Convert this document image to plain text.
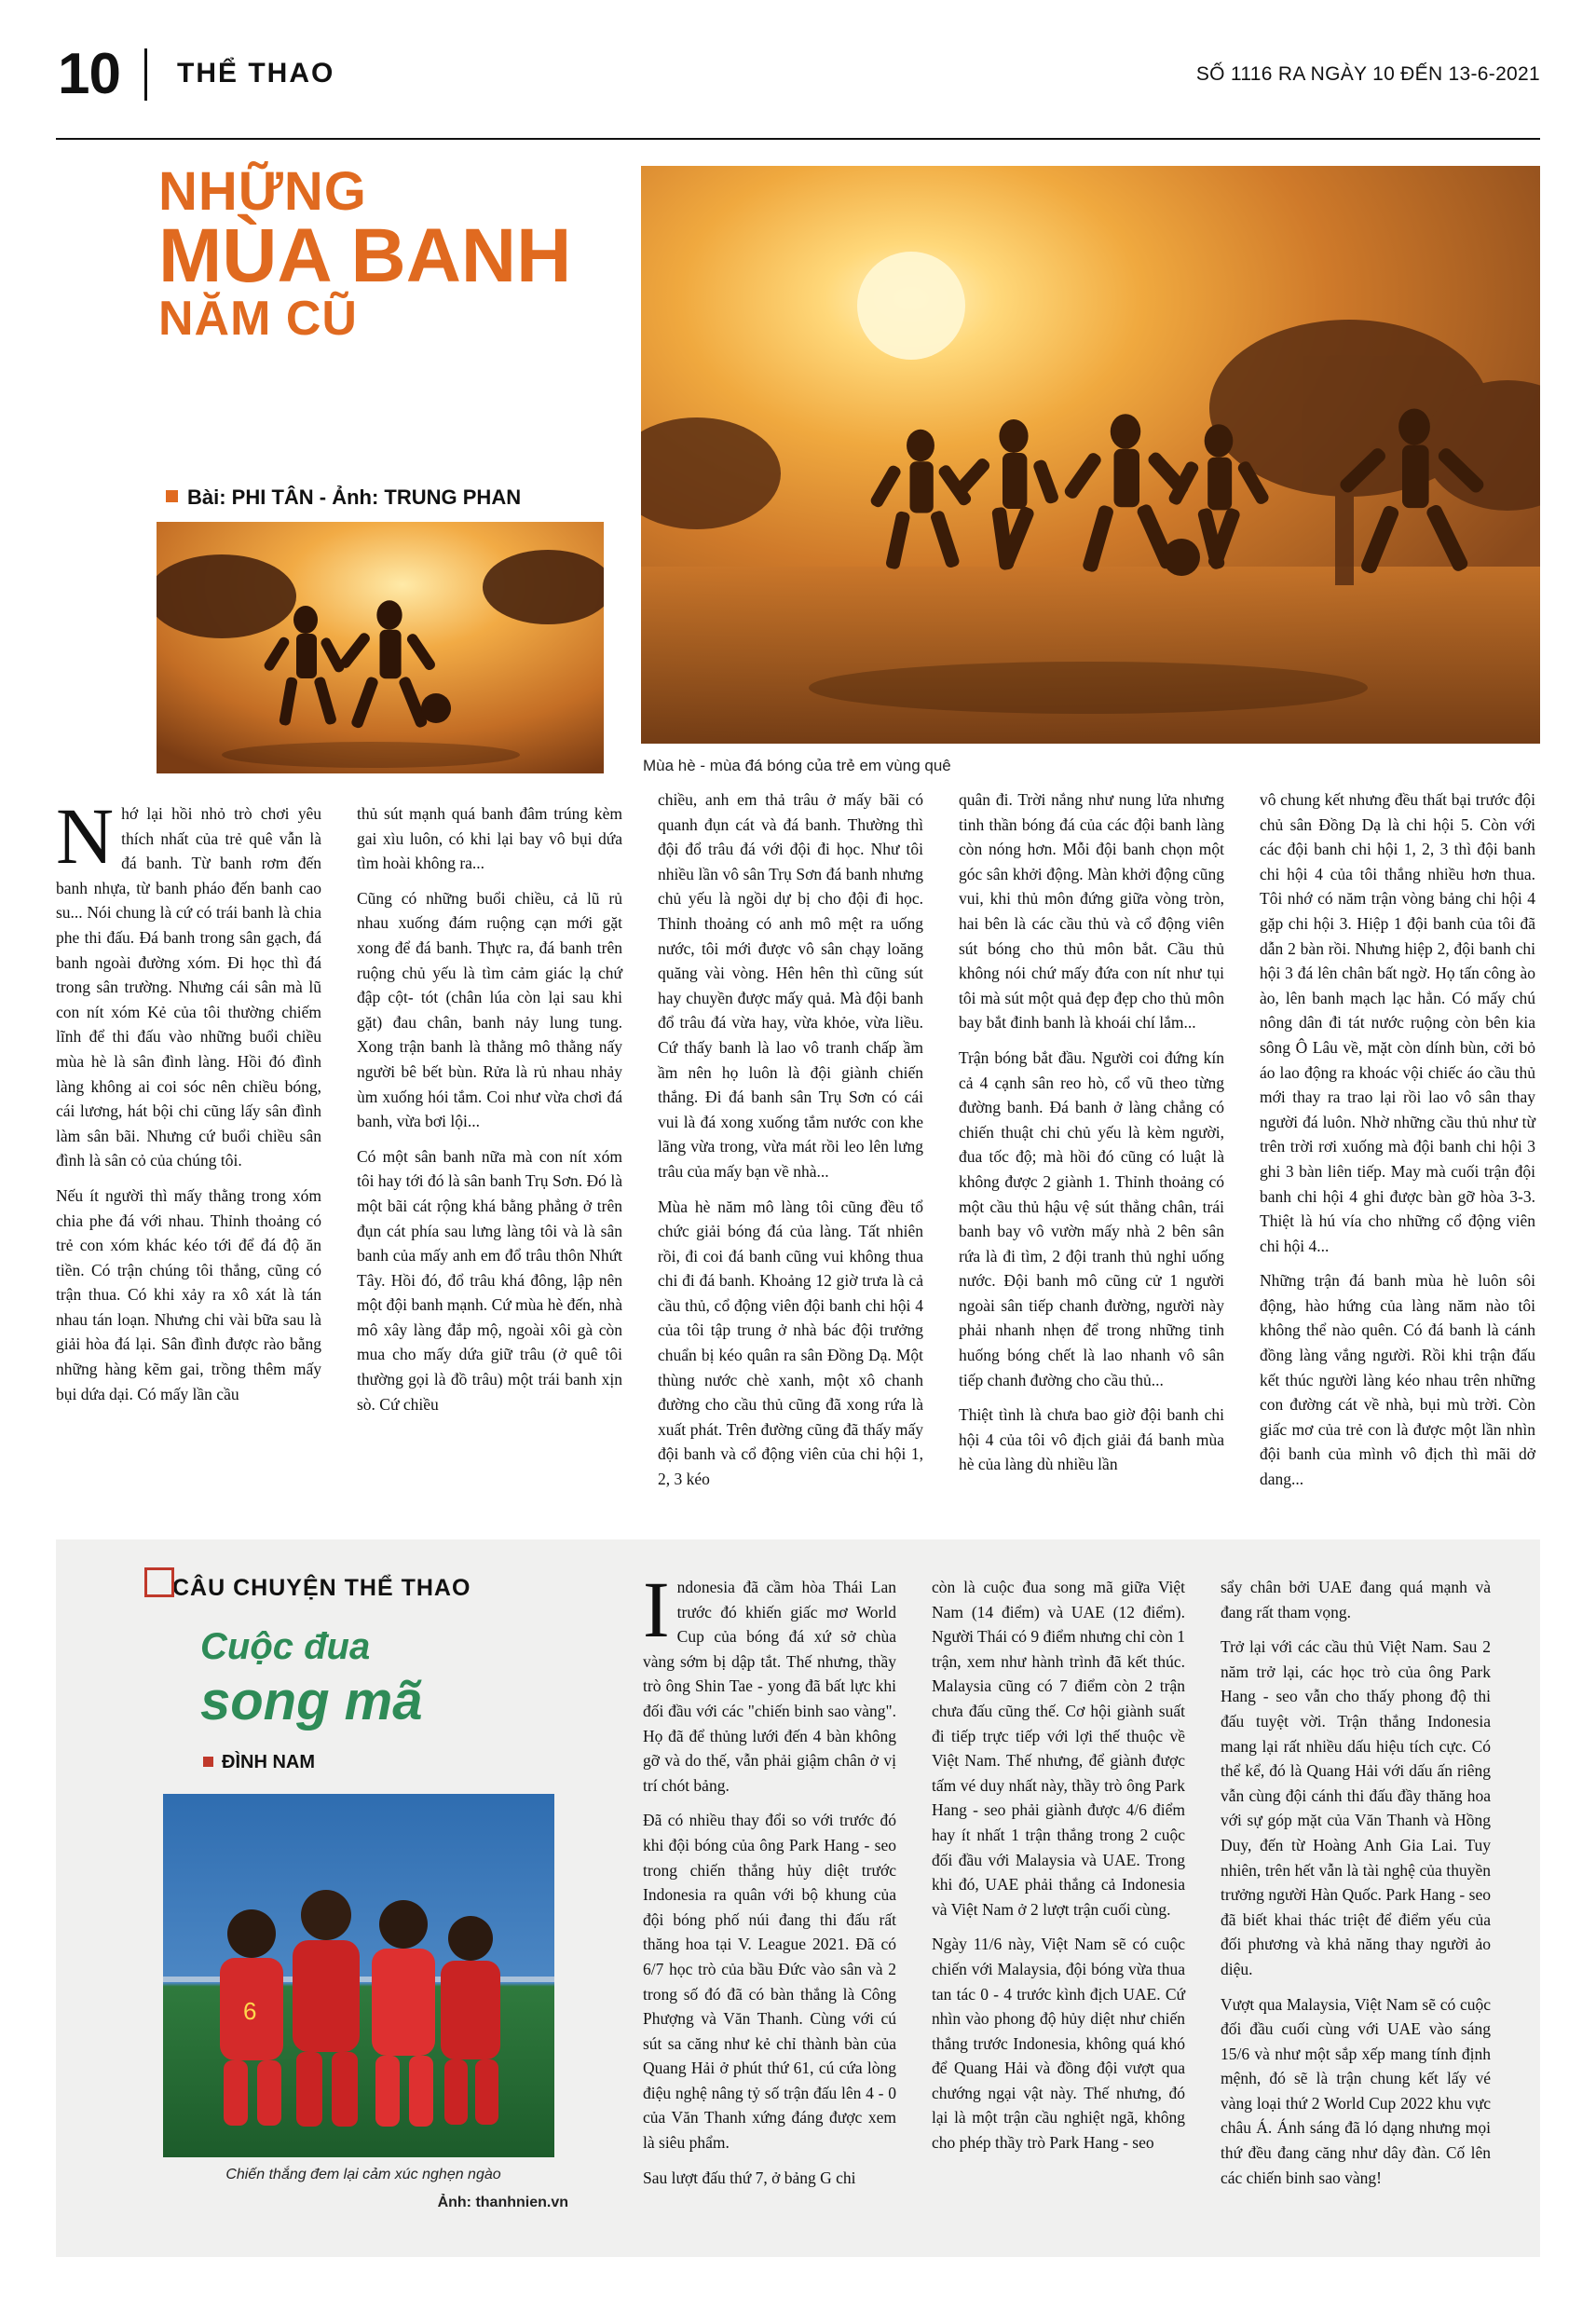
10 THỂ THAO	SỐ 1116 RA NGÀY 10 ĐẾN 13-6-2021
NHỮNG
MÙA BANH
NĂM CŨ
Bài: PHI TÂN - Ảnh: TRUNG PHAN
Mùa hè - mùa đá bóng của trẻ em vùng quê

Nhớ lại hồi nhỏ trò chơi yêu thích nhất của trẻ quê vẫn là đá banh. Từ banh rơm đến banh nhựa, từ banh pháo đến banh cao su... Nói chung là cứ có trái banh là chia phe thi đấu. Đá banh trong sân gạch, đá banh ngoài đường xóm. Đi học thì đá trong sân trường. Nhưng cái sân mà lũ con nít xóm Kẻ của tôi thường chiếm lĩnh để thi đấu vào những buổi chiều mùa hè là sân đình làng. Hồi đó đình làng không ai coi sóc nên chiều bóng, cái lương, hát bội chi cũng lấy sân đình làm sân bãi. Nhưng cứ buổi chiều sân đình là sân cỏ của chúng tôi.

Nếu ít người thì mấy thằng trong xóm chia phe đá với nhau. Thỉnh thoảng có trẻ con xóm khác kéo tới để đá độ ăn tiền. Có trận chúng tôi thắng, cũng có trận thua. Có khi xảy ra xô xát là tán nhau tán loạn. Nhưng chi vài bữa sau là giải hòa đá lại. Sân đình được rào bằng những hàng kẽm gai, trồng thêm mấy bụi dứa dại. Có mấy lần cầu

thủ sút mạnh quá banh đâm trúng kèm gai xìu luôn, có khi lại bay vô bụi dứa tìm hoài không ra...

Cũng có những buổi chiều, cả lũ rủ nhau xuống đám ruộng cạn mới gặt xong để đá banh. Thực ra, đá banh trên ruộng chủ yếu là tìm cảm giác lạ chứ đập cột- tót (chân lúa còn lại sau khi gặt) đau chân, banh nảy lung tung. Xong trận banh là thằng mô thằng nấy người bê bết bùn. Rửa là rủ nhau nhảy ùm xuống hói tắm. Coi như vừa chơi đá banh, vừa bơi lội...

Có một sân banh nữa mà con nít xóm tôi hay tới đó là sân banh Trụ Sơn. Đó là một bãi cát rộng khá bằng phẳng ở trên đụn cát phía sau lưng làng tôi và là sân banh của mấy anh em đổ trâu thôn Nhứt Tây. Hồi đó, đổ trâu khá đông, lập nên một đội banh mạnh. Cứ mùa hè đến, nhà mô xây làng đắp mộ, ngoài xôi gà còn mua cho mấy dứa giữ trâu (ở quê tôi thường gọi là đồ trâu) một trái banh xịn sò. Cứ chiều

chiều, anh em thả trâu ở mấy bãi có quanh đụn cát và đá banh. Thường thì đội đổ trâu đá với đội đi học. Như tôi nhiều lần vô sân Trụ Sơn đá banh nhưng chủ yếu là ngồi dự bị cho đội đi học. Thỉnh thoảng có anh mô mệt ra uống nước, tôi mới được vô sân chạy loăng quăng vài vòng. Hên hên thì cũng sút hay chuyền được mấy quả. Mà đội banh đổ trâu đá vừa hay, vừa khỏe, vừa liều. Cứ thấy banh là lao vô tranh chấp ầm ầm nên họ luôn là đội giành chiến thắng. Đi đá banh sân Trụ Sơn có cái vui là đá xong xuống tắm nước con khe lãng vừa trong, vừa mát rồi leo lên lưng trâu của mấy bạn về nhà...

Mùa hè năm mô làng tôi cũng đều tổ chức giải bóng đá của làng. Tất nhiên rồi, đi coi đá banh cũng vui không thua chi đi đá banh. Khoảng 12 giờ trưa là cả cầu thủ, cổ động viên đội banh chi hội 4 của tôi tập trung ở nhà bác đội trưởng chuẩn bị kéo quân ra sân Đồng Dạ. Một thùng nước chè xanh, một xô chanh đường cho cầu thủ cũng đã xong rứa là xuất phát. Trên đường cũng đã thấy mấy đội banh và cổ động viên của chi hội 1, 2, 3 kéo

quân đi. Trời nắng như nung lửa nhưng tinh thần bóng đá của các đội banh làng còn nóng hơn. Mỗi đội banh chọn một góc sân khởi động. Màn khởi động cũng vui, khi thủ môn đứng giữa vòng tròn, hai bên là các cầu thủ và cổ động viên sút bóng cho thủ môn bắt. Cầu thủ không nói chứ mấy đứa con nít như tụi tôi mà sút một quả đẹp đẹp cho thủ môn bay bắt đinh banh là khoái chí lắm...

Trận bóng bắt đầu. Người coi đứng kín cả 4 cạnh sân reo hò, cổ vũ theo từng đường banh. Đá banh ở làng chẳng có chiến thuật chi chủ yếu là kèm người, đua tốc độ; mà hồi đó cũng có luật là không được 2 giành 1. Thỉnh thoảng có một cầu thủ hậu vệ sút thẳng chân, trái banh bay vô vườn mấy nhà 2 bên sân rứa là đi tìm, 2 đội tranh thủ nghỉ uống nước. Đội banh mô cũng cử 1 người ngoài sân tiếp chanh đường, người này phải nhanh nhẹn để trong những tinh huống bóng chết là lao nhanh vô sân tiếp chanh đường cho cầu thủ...

Thiệt tình là chưa bao giờ đội banh chi hội 4 của tôi vô địch giải đá banh mùa hè của làng dù nhiều lần

vô chung kết nhưng đều thất bại trước đội chủ sân Đồng Dạ là chi hội 5. Còn với các đội banh chi hội 1, 2, 3 thì đội banh chi hội 4 của tôi thắng nhiều hơn thua. Tôi nhớ có năm trận vòng bảng chi hội 4 gặp chi hội 3. Hiệp 1 đội banh của tôi đã dẫn 2 bàn rồi. Nhưng hiệp 2, đội banh chi hội 3 đá lên chân bất ngờ. Họ tấn công ào ào, lên banh mạch lạc hẳn. Có mấy chú nông dân đi tát nước ruộng còn bên kia sông Ô Lâu về, mặt còn dính bùn, cởi bỏ áo lao động ra khoác vội chiếc áo cầu thủ mới thay ra trao lại rồi lao vô sân thay người đá luôn. Nhờ những cầu thủ như từ trên trời rơi xuống mà đội banh chi hội 3 ghi 3 bàn liên tiếp. May mà cuối trận đội banh chi hội 4 ghi được bàn gỡ hòa 3-3. Thiệt là hú vía cho những cổ động viên chi hội 4...

Những trận đá banh mùa hè luôn sôi động, hào hứng của làng năm nào tôi không thể nào quên. Có đá banh là cánh đồng làng vắng người. Rồi khi trận đấu kết thúc người làng kéo nhau trên những con đường cát về nhà, bụi mù trời. Còn giấc mơ của trẻ con là được một lần nhìn đội banh của mình vô địch thì mãi dở dang...

CÂU CHUYỆN THỂ THAO
Cuộc đua
song mã
ĐÌNH NAM
6
Chiến thắng đem lại cảm xúc nghẹn ngào
Ảnh: thanhnien.vn

Indonesia đã cầm hòa Thái Lan trước đó khiến giấc mơ World Cup của bóng đá xứ sở chùa vàng sớm bị dập tắt. Thế nhưng, thầy trò ông Shin Tae - yong đã bất lực khi đối đầu với các "chiến binh sao vàng". Họ đã để thủng lưới đến 4 bàn không gỡ và do thế, vẫn phải giậm chân ở vị trí chót bảng.

Đã có nhiều thay đổi so với trước đó khi đội bóng của ông Park Hang - seo trong chiến thắng hủy diệt trước Indonesia ra quân với bộ khung của đội bóng phố núi đang thi đấu rất thăng hoa tại V. League 2021. Đã có 6/7 học trò của bầu Đức vào sân và 2 trong số đó đã có bàn thắng là Công Phượng và Văn Thanh. Cùng với cú sút sa căng như kẻ chỉ thành bàn của Quang Hải ở phút thứ 61, cú cứa lòng điệu nghệ nâng tỷ số trận đấu lên 4 - 0 của Văn Thanh xứng đáng được xem là siêu phẩm.

Sau lượt đấu thứ 7, ở bảng G chi

còn là cuộc đua song mã giữa Việt Nam (14 điểm) và UAE (12 điểm). Người Thái có 9 điểm nhưng chỉ còn 1 trận, xem như hành trình đã kết thúc. Malaysia cũng có 7 điểm còn 2 trận chưa đấu cũng thế. Cơ hội giành suất đi tiếp trực tiếp với lợi thế thuộc về Việt Nam. Thế nhưng, để giành được tấm vé duy nhất này, thầy trò ông Park Hang - seo phải giành được 4/6 điểm hay ít nhất 1 trận thắng trong 2 cuộc đối đầu với Malaysia và UAE. Trong khi đó, UAE phải thắng cả Indonesia và Việt Nam ở 2 lượt trận cuối cùng.

Ngày 11/6 này, Việt Nam sẽ có cuộc chiến với Malaysia, đội bóng vừa thua tan tác 0 - 4 trước kình địch UAE. Cứ nhìn vào phong độ hủy diệt như chiến thắng trước Indonesia, không quá khó để Quang Hải và đồng đội vượt qua chướng ngại vật này. Thế nhưng, đó lại là một trận cầu nghiệt ngã, không cho phép thầy trò Park Hang - seo

sẩy chân bởi UAE đang quá mạnh và đang rất tham vọng.

Trở lại với các cầu thủ Việt Nam. Sau 2 năm trở lại, các học trò của ông Park Hang - seo vẫn cho thấy phong độ thi đấu tuyệt vời. Trận thắng Indonesia mang lại rất nhiều dấu hiệu tích cực. Có thể kể, đó là Quang Hải với dấu ấn riêng vẫn cùng đội cánh thi đấu đầy thăng hoa với sự góp mặt của Văn Thanh và Hồng Duy, đến từ Hoàng Anh Gia Lai. Tuy nhiên, trên hết vẫn là tài nghệ của thuyền trưởng người Hàn Quốc. Park Hang - seo đã biết khai thác triệt để điểm yếu của đối phương và khả năng thay người ảo diệu.

Vượt qua Malaysia, Việt Nam sẽ có cuộc đối đầu cuối cùng với UAE vào sáng 15/6 và như một sắp xếp mang tính định mệnh, đó sẽ là trận chung kết lấy vé vàng loại thứ 2 World Cup 2022 khu vực châu Á. Ánh sáng đã ló dạng nhưng mọi thứ đều đang căng như dây đàn. Cố lên các chiến binh sao vàng!
